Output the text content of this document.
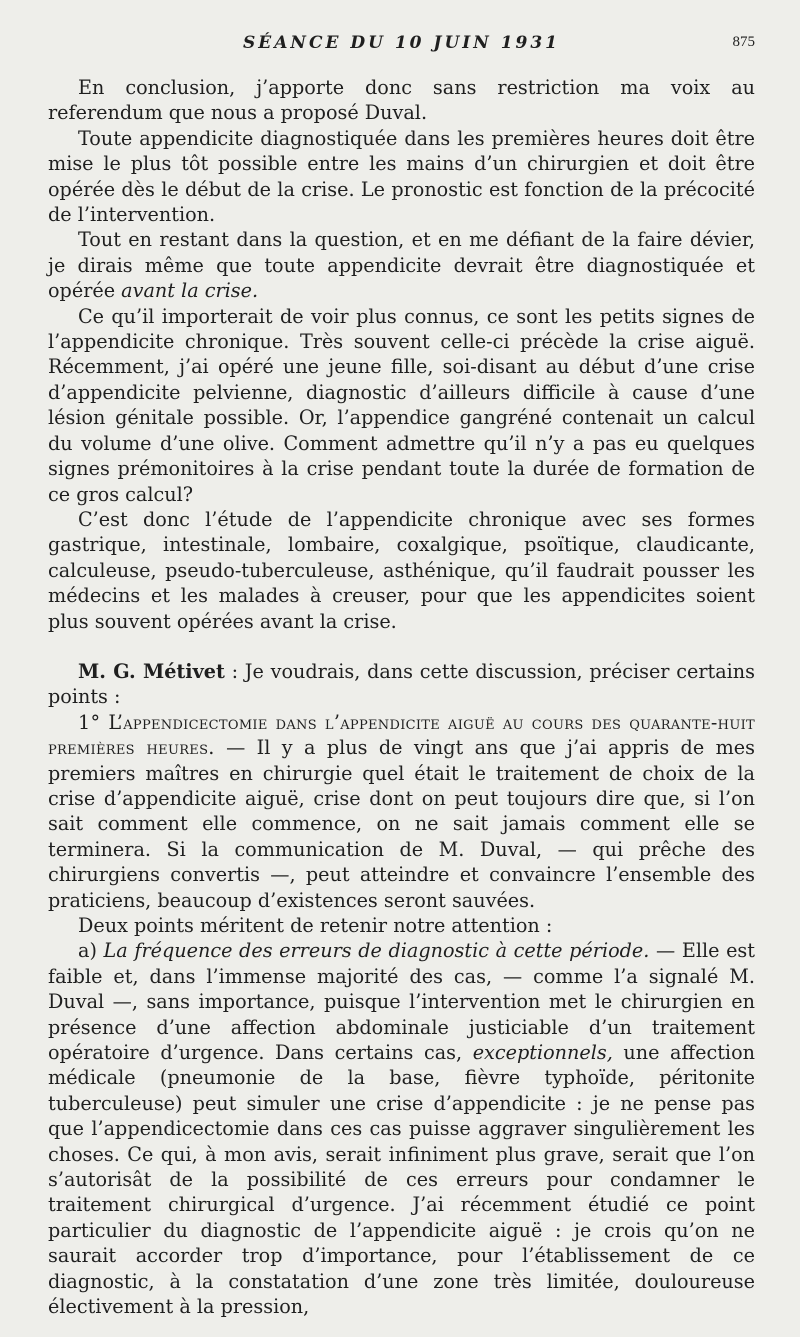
SÉANCE DU 10 JUIN 1931	875

En conclusion, j’apporte donc sans restriction ma voix au referendum que nous a proposé Duval.

Toute appendicite diagnostiquée dans les premières heures doit être mise le plus tôt possible entre les mains d’un chirurgien et doit être opérée dès le début de la crise. Le pronostic est fonction de la précocité de l’intervention.

Tout en restant dans la question, et en me défiant de la faire dévier, je dirais même que toute appendicite devrait être diagnostiquée et opérée avant la crise.

Ce qu’il importerait de voir plus connus, ce sont les petits signes de l’appendicite chronique. Très souvent celle-ci précède la crise aiguë. Récemment, j’ai opéré une jeune fille, soi-disant au début d’une crise d’appendicite pelvienne, diagnostic d’ailleurs difficile à cause d’une lésion génitale possible. Or, l’appendice gangréné contenait un calcul du volume d’une olive. Comment admettre qu’il n’y a pas eu quelques signes prémonitoires à la crise pendant toute la durée de formation de ce gros calcul?

C’est donc l’étude de l’appendicite chronique avec ses formes gastrique, intestinale, lombaire, coxalgique, psoïtique, claudicante, calculeuse, pseudo-tuberculeuse, asthénique, qu’il faudrait pousser les médecins et les malades à creuser, pour que les appendicites soient plus souvent opérées avant la crise.

M. G. Métivet : Je voudrais, dans cette discussion, préciser certains points :

1° L’appendicectomie dans l’appendicite aiguë au cours des quarante-huit premières heures. — Il y a plus de vingt ans que j’ai appris de mes premiers maîtres en chirurgie quel était le traitement de choix de la crise d’appendicite aiguë, crise dont on peut toujours dire que, si l’on sait comment elle commence, on ne sait jamais comment elle se terminera. Si la communication de M. Duval, — qui prêche des chirurgiens convertis —, peut atteindre et convaincre l’ensemble des praticiens, beaucoup d’existences seront sauvées.

Deux points méritent de retenir notre attention :

a) La fréquence des erreurs de diagnostic à cette période. — Elle est faible et, dans l’immense majorité des cas, — comme l’a signalé M. Duval —, sans importance, puisque l’intervention met le chirurgien en présence d’une affection abdominale justiciable d’un traitement opératoire d’urgence. Dans certains cas, exceptionnels, une affection médicale (pneumonie de la base, fièvre typhoïde, péritonite tuberculeuse) peut simuler une crise d’appendicite : je ne pense pas que l’appendicectomie dans ces cas puisse aggraver singulièrement les choses. Ce qui, à mon avis, serait infiniment plus grave, serait que l’on s’autorisât de la possibilité de ces erreurs pour condamner le traitement chirurgical d’urgence. J’ai récemment étudié ce point particulier du diagnostic de l’appendicite aiguë : je crois qu’on ne saurait accorder trop d’importance, pour l’établissement de ce diagnostic, à la constatation d’une zone très limitée, douloureuse électivement à la pression,
